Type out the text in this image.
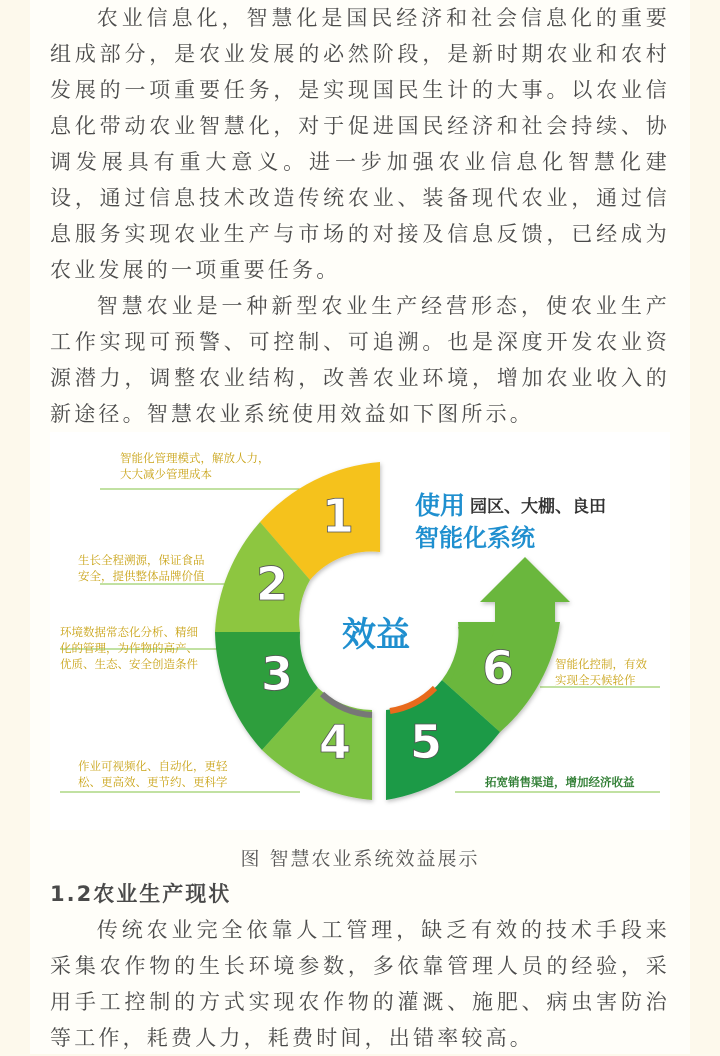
农业信息化，智慧化是国民经济和社会信息化的重要组成部分，是农业发展的必然阶段，是新时期农业和农村发展的一项重要任务，是实现国民生计的大事。以农业信息化带动农业智慧化，对于促进国民经济和社会持续、协调发展具有重大意义。进一步加强农业信息化智慧化建设，通过信息技术改造传统农业、装备现代农业，通过信息服务实现农业生产与市场的对接及信息反馈，已经成为农业发展的一项重要任务。

智慧农业是一种新型农业生产经营形态，使农业生产工作实现可预警、可控制、可追溯。也是深度开发农业资源潜力，调整农业结构，改善农业环境，增加农业收入的新途径。智慧农业系统使用效益如下图所示。

效益
1
2
3
4 5
6
使用 园区、大棚、良田
智能化系统
智能化管理模式，解放人力，
大大减少管理成本
生长全程溯源，保证食品
安全，提供整体品牌价值
环境数据常态化分析、精细
化的管理，为作物的高产、
优质、生态、安全创造条件
作业可视频化、自动化，更轻
松、更高效、更节约、更科学	拓宽销售渠道，增加经济收益
智能化控制，有效
实现全天候轮作
图 智慧农业系统效益展示
1.2农业生产现状

传统农业完全依靠人工管理，缺乏有效的技术手段来采集农作物的生长环境参数，多依靠管理人员的经验，采用手工控制的方式实现农作物的灌溉、施肥、病虫害防治等工作，耗费人力，耗费时间，出错率较高。
